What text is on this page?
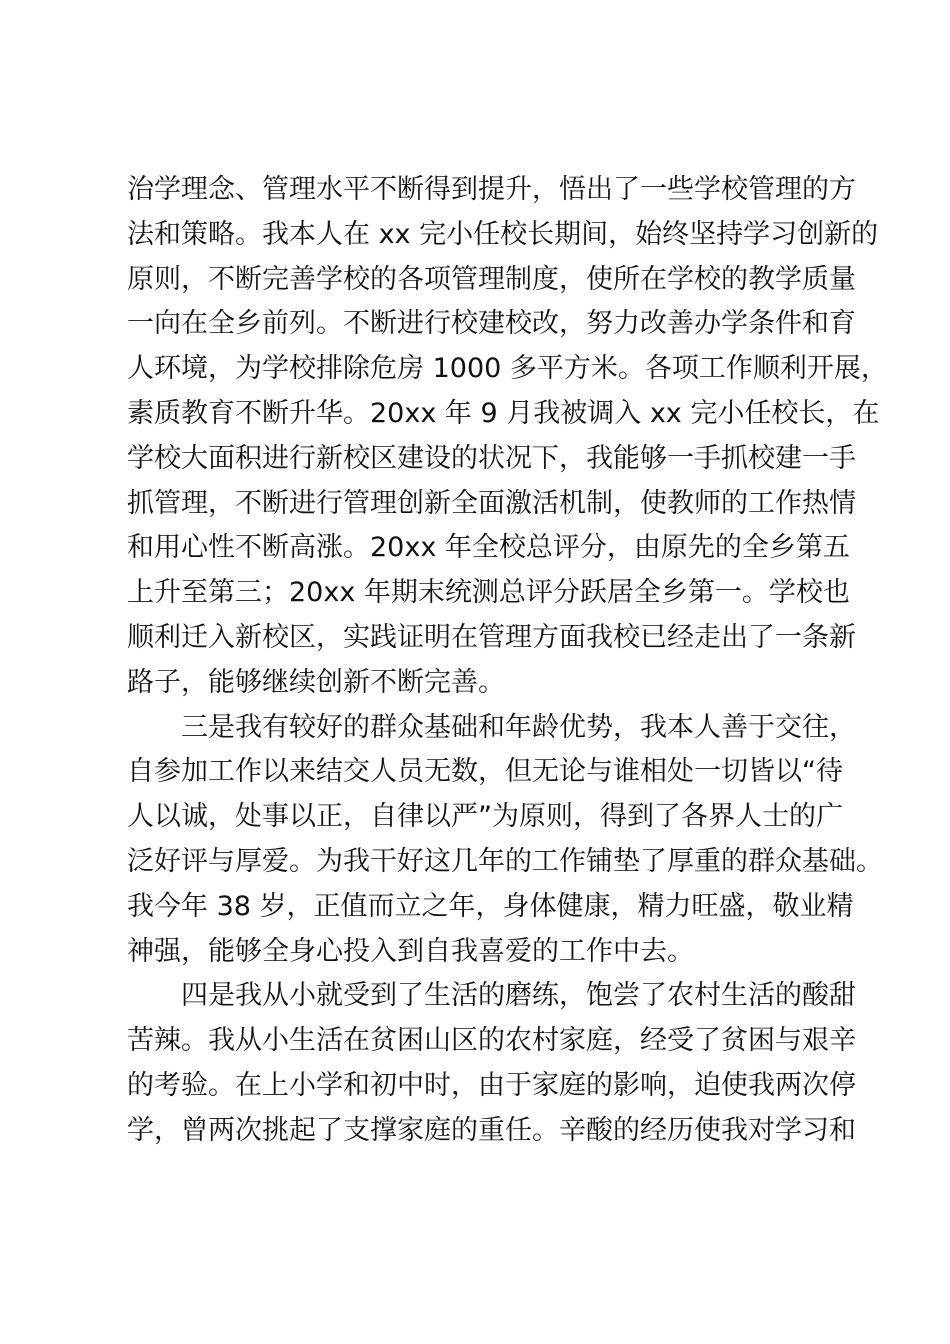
治学理念、管理水平不断得到提升，悟出了一些学校管理的方
法和策略。我本人在 xx 完小任校长期间，始终坚持学习创新的
原则，不断完善学校的各项管理制度，使所在学校的教学质量
一向在全乡前列。不断进行校建校改，努力改善办学条件和育
人环境，为学校排除危房 1000 多平方米。各项工作顺利开展，
素质教育不断升华。20xx 年 9 月我被调入 xx 完小任校长，在
学校大面积进行新校区建设的状况下，我能够一手抓校建一手
抓管理，不断进行管理创新全面激活机制，使教师的工作热情
和用心性不断高涨。20xx 年全校总评分，由原先的全乡第五
上升至第三；20xx 年期末统测总评分跃居全乡第一。学校也
顺利迁入新校区，实践证明在管理方面我校已经走出了一条新
路子，能够继续创新不断完善。
三是我有较好的群众基础和年龄优势，我本人善于交往，
自参加工作以来结交人员无数，但无论与谁相处一切皆以“待
人以诚，处事以正，自律以严”为原则，得到了各界人士的广
泛好评与厚爱。为我干好这几年的工作铺垫了厚重的群众基础。
我今年 38 岁，正值而立之年，身体健康，精力旺盛，敬业精
神强，能够全身心投入到自我喜爱的工作中去。
四是我从小就受到了生活的磨练，饱尝了农村生活的酸甜
苦辣。我从小生活在贫困山区的农村家庭，经受了贫困与艰辛
的考验。在上小学和初中时，由于家庭的影响，迫使我两次停
学，曾两次挑起了支撑家庭的重任。辛酸的经历使我对学习和
